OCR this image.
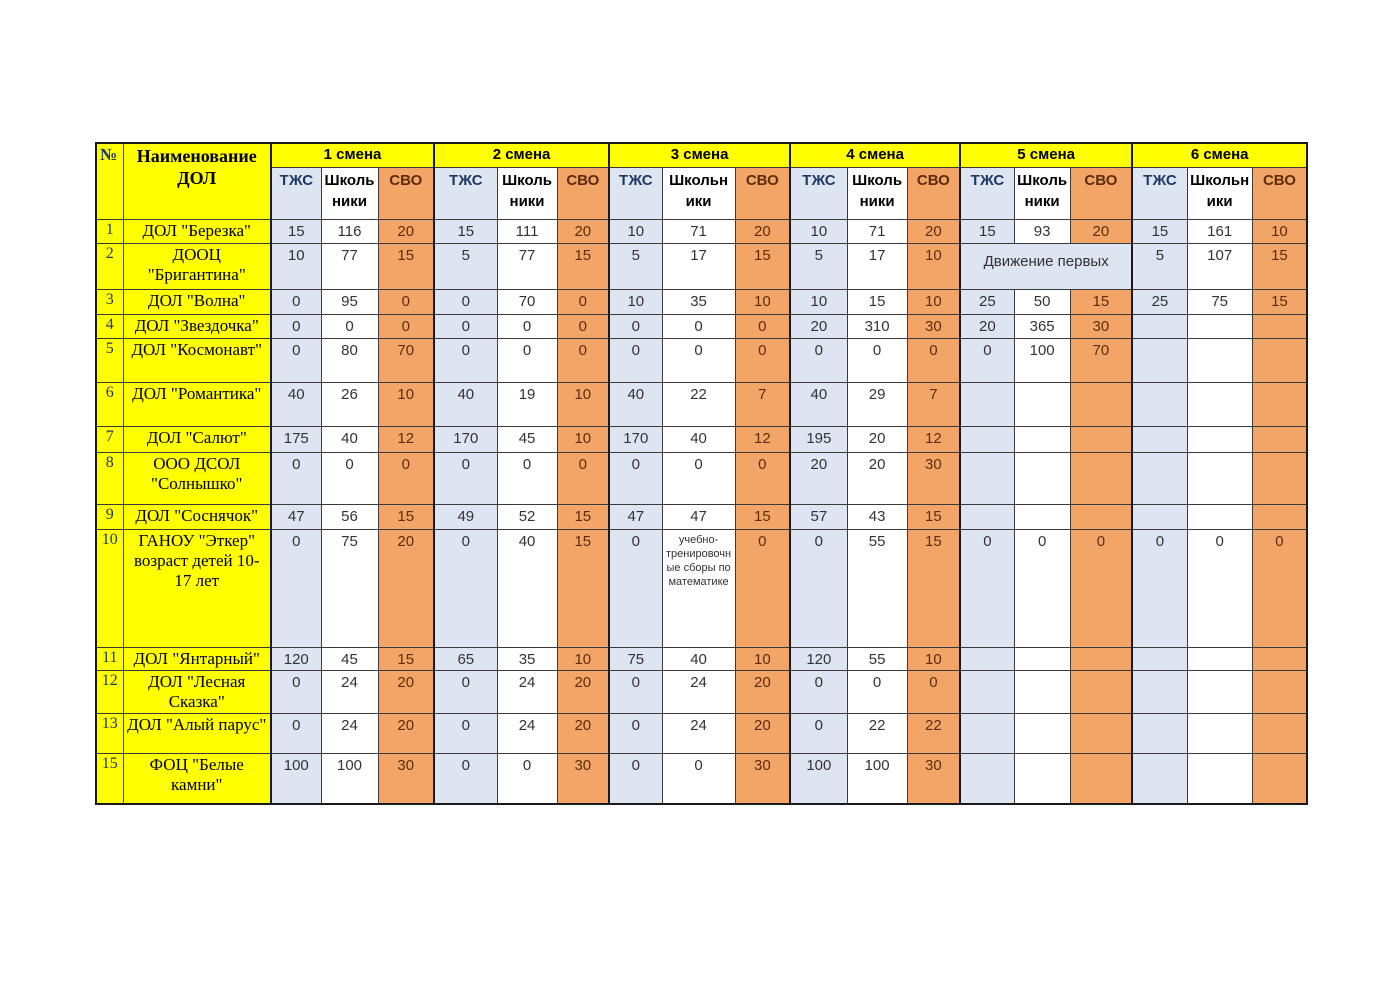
№	Наименование ДОЛ	1 смена			2 смена			3 смена			4 смена			5 смена			6 смена		
		ТЖС	Школьники	СВО	ТЖС	Школьники	СВО	ТЖС	Школьники	СВО	ТЖС	Школьники	СВО	ТЖС	Школьники	СВО	ТЖС	Школьники	СВО
1	ДОЛ "Березка"	15	116	20	15	111	20	10	71	20	10	71	20	15	93	20	15	161	10
2	ДООЦ "Бригантина"	10	77	15	5	77	15	5	17	15	5	17	10	Движение первых			5	107	15
3	ДОЛ "Волна"	0	95	0	0	70	0	10	35	10	10	15	10	25	50	15	25	75	15
4	ДОЛ "Звездочка"	0	0	0	0	0	0	0	0	0	20	310	30	20	365	30			
5	ДОЛ "Космонавт"	0	80	70	0	0	0	0	0	0	0	0	0	0	100	70			
6	ДОЛ "Романтика"	40	26	10	40	19	10	40	22	7	40	29	7						
7	ДОЛ "Салют"	175	40	12	170	45	10	170	40	12	195	20	12						
8	ООО ДСОЛ "Солнышко"	0	0	0	0	0	0	0	0	0	20	20	30						
9	ДОЛ "Соснячок"	47	56	15	49	52	15	47	47	15	57	43	15						
10	ГАНОУ "Эткер" возраст детей 10-17 лет	0	75	20	0	40	15	0	учебно-тренировочные сборы по математике	0	0	55	15	0	0	0	0	0	0
11	ДОЛ "Янтарный"	120	45	15	65	35	10	75	40	10	120	55	10						
12	ДОЛ "Лесная Сказка"	0	24	20	0	24	20	0	24	20	0	0	0						
13	ДОЛ "Алый парус"	0	24	20	0	24	20	0	24	20	0	22	22						
15	ФОЦ "Белые камни"	100	100	30	0	0	30	0	0	30	100	100	30						
